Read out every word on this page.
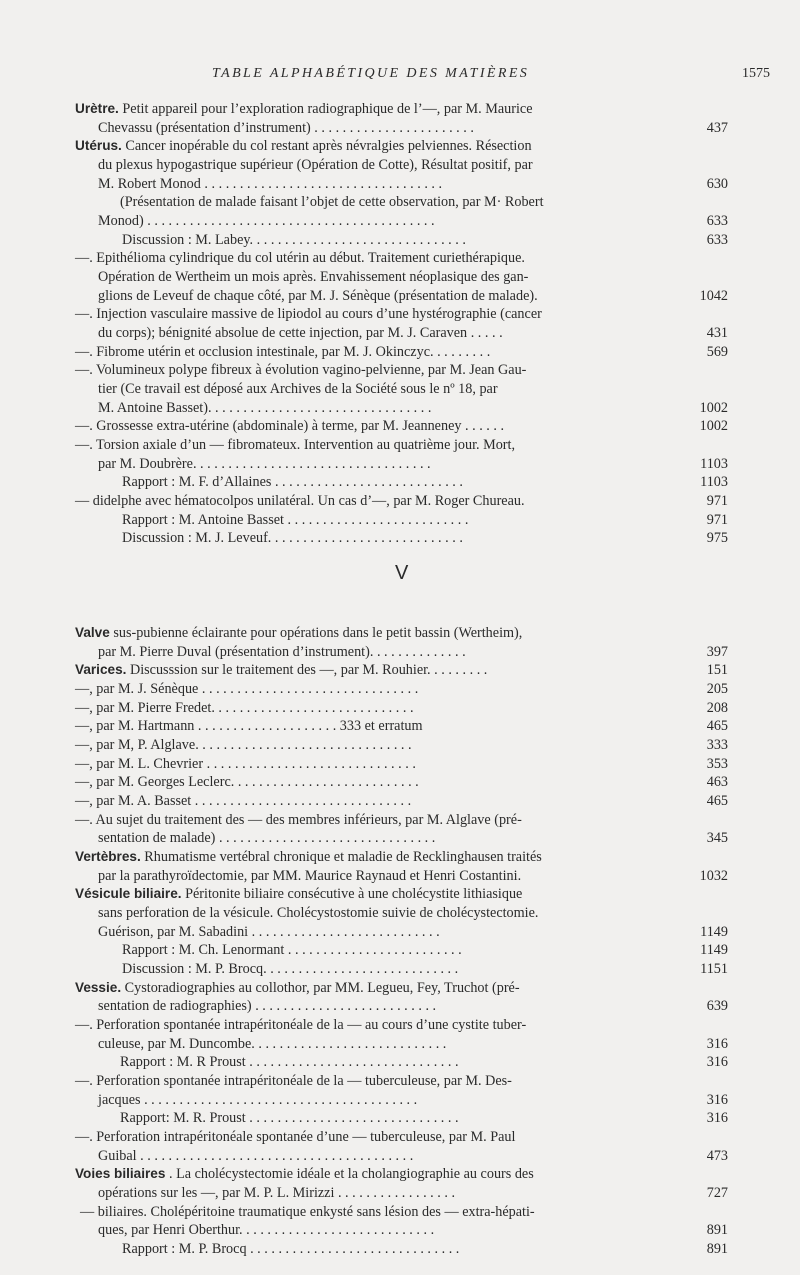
TABLE ALPHABÉTIQUE DES MATIÈRES	1575
V
Urètre. Petit appareil pour l’exploration radiographique de l’—, par M. Maurice
Chevassu (présentation d’instrument) . . . . . . . . . . . . . . . . . . . . . . .	437
Utérus. Cancer inopérable du col restant après névralgies pelviennes. Résection
du plexus hypogastrique supérieur (Opération de Cotte), Résultat positif, par
M. Robert Monod . . . . . . . . . . . . . . . . . . . . . . . . . . . . . . . . . .	630
(Présentation de malade faisant l’objet de cette observation, par M· Robert
Monod) . . . . . . . . . . . . . . . . . . . . . . . . . . . . . . . . . . . . . . . . .	633
Discussion : M. Labey. . . . . . . . . . . . . . . . . . . . . . . . . . . . . . .	633
—. Epithélioma cylindrique du col utérin au début. Traitement curiethérapique.
Opération de Wertheim un mois après. Envahissement néoplasique des gan-
glions de Leveuf de chaque côté, par M. J. Sénèque (présentation de malade).	1042
—. Injection vasculaire massive de lipiodol au cours d’une hystérographie (cancer
du corps); bénignité absolue de cette injection, par M. J. Caraven . . . . .	431
—. Fibrome utérin et occlusion intestinale, par M. J. Okinczyc. . . . . . . . .	569
—. Volumineux polype fibreux à évolution vagino-pelvienne, par M. Jean Gau-
tier (Ce travail est déposé aux Archives de la Société sous le nº 18, par
M. Antoine Basset). . . . . . . . . . . . . . . . . . . . . . . . . . . . . . . .	1002
—. Grossesse extra-utérine (abdominale) à terme, par M. Jeanneney . . . . . .	1002
—. Torsion axiale d’un — fibromateux. Intervention au quatrième jour. Mort,
par M. Doubrère. . . . . . . . . . . . . . . . . . . . . . . . . . . . . . . . . .	1103
Rapport : M. F. d’Allaines . . . . . . . . . . . . . . . . . . . . . . . . . . .	1103
— didelphe avec hématocolpos unilatéral. Un cas d’—, par M. Roger Chureau.	971
Rapport : M. Antoine Basset . . . . . . . . . . . . . . . . . . . . . . . . . .	971
Discussion : M. J. Leveuf. . . . . . . . . . . . . . . . . . . . . . . . . . . .	975
Valve sus-pubienne éclairante pour opérations dans le petit bassin (Wertheim),
par M. Pierre Duval (présentation d’instrument). . . . . . . . . . . . . .	397
Varices. Discusssion sur le traitement des —, par M. Rouhier. . . . . . . . .	151
—, par M. J. Sénèque . . . . . . . . . . . . . . . . . . . . . . . . . . . . . . .	205
—, par M. Pierre Fredet. . . . . . . . . . . . . . . . . . . . . . . . . . . . .	208
—, par M. Hartmann . . . . . . . . . . . . . . . . . . . . 333 et erratum	465
—, par M, P. Alglave. . . . . . . . . . . . . . . . . . . . . . . . . . . . . . .	333
—, par M. L. Chevrier . . . . . . . . . . . . . . . . . . . . . . . . . . . . . .	353
—, par M. Georges Leclerc. . . . . . . . . . . . . . . . . . . . . . . . . . .	463
—, par M. A. Basset . . . . . . . . . . . . . . . . . . . . . . . . . . . . . . .	465
—. Au sujet du traitement des — des membres inférieurs, par M. Alglave (pré-
sentation de malade) . . . . . . . . . . . . . . . . . . . . . . . . . . . . . . .	345
Vertèbres. Rhumatisme vertébral chronique et maladie de Recklinghausen traités
par la parathyroïdectomie, par MM. Maurice Raynaud et Henri Costantini.	1032
Vésicule biliaire. Péritonite biliaire consécutive à une cholécystite lithiasique
sans perforation de la vésicule. Cholécystostomie suivie de cholécystectomie.
Guérison, par M. Sabadini . . . . . . . . . . . . . . . . . . . . . . . . . . .	1149
Rapport : M. Ch. Lenormant . . . . . . . . . . . . . . . . . . . . . . . . .	1149
Discussion : M. P. Brocq. . . . . . . . . . . . . . . . . . . . . . . . . . . .	1151
Vessie. Cystoradiographies au collothor, par MM. Legueu, Fey, Truchot (pré-
sentation de radiographies) . . . . . . . . . . . . . . . . . . . . . . . . . .	639
—. Perforation spontanée intrapéritonéale de la — au cours d’une cystite tuber-
culeuse, par M. Duncombe. . . . . . . . . . . . . . . . . . . . . . . . . . . .	316
Rapport : M. R Proust . . . . . . . . . . . . . . . . . . . . . . . . . . . . . .	316
—. Perforation spontanée intrapéritonéale de la — tuberculeuse, par M. Des-
jacques . . . . . . . . . . . . . . . . . . . . . . . . . . . . . . . . . . . . . . .	316
Rapport: M. R. Proust . . . . . . . . . . . . . . . . . . . . . . . . . . . . . .	316
—. Perforation intrapéritonéale spontanée d’une — tuberculeuse, par M. Paul
Guibal . . . . . . . . . . . . . . . . . . . . . . . . . . . . . . . . . . . . . . .	473
Voies biliaires . La cholécystectomie idéale et la cholangiographie au cours des
opérations sur les —, par M. P. L. Mirizzi . . . . . . . . . . . . . . . . .	727
— biliaires. Cholépéritoine traumatique enkysté sans lésion des — extra-hépati-
ques, par Henri Oberthur. . . . . . . . . . . . . . . . . . . . . . . . . . . .	891
Rapport : M. P. Brocq . . . . . . . . . . . . . . . . . . . . . . . . . . . . . .	891
